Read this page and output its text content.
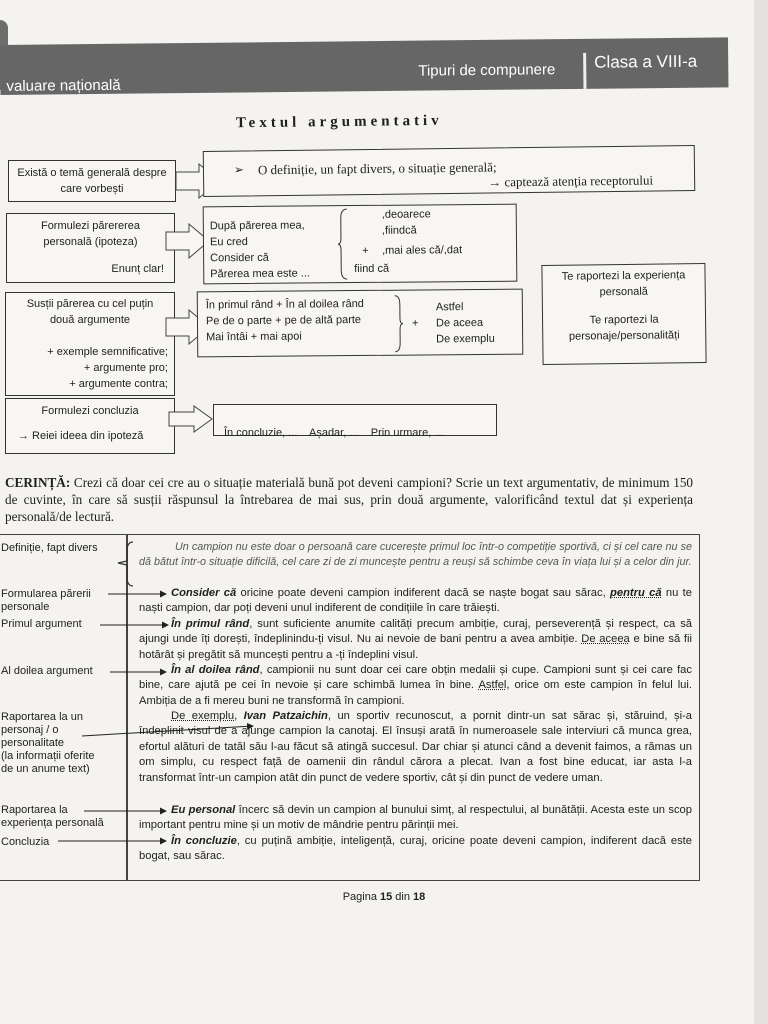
valuare națională
Tipuri de compunere Clasa a VIII-a
Textul argumentativ
Există o temă generală despre care vorbești
➢ O definiție, un fapt divers, o situație generală;
→ captează atenția receptorului
Formulezi părererea
personală (ipoteza)
Enunț clar!
După părerea mea,
Eu cred
Consider că
Părerea mea este ...
+
,deoarece
,fiindcă
,mai ales că/,dat
fiind că
Te raportezi la experiența
personală
Te raportezi la
personaje/personalități
Susții părerea cu cel puțin
două argumente
+ exemple semnificative;
+ argumente pro;
+ argumente contra;
În primul rând + În al doilea rând
Pe de o parte + pe de altă parte
Mai întâi + mai apoi
+
Astfel
De aceea
De exemplu
Formulezi concluzia
→ Reiei ideea din ipoteză	În concluzie, ...    Așadar, ...    Prin urmare, ...

CERINȚĂ: Crezi că doar cei cre au o situație materială bună pot deveni campioni? Scrie un text argumentativ, de minimum 150 de cuvinte, în care să susții răspunsul la întrebarea de mai sus, prin două argumente, valorificând textul dat și experiența personală/de lectură.
Definiție, fapt divers
Formularea părerii
personale
Primul argument
Al doilea argument
Raportarea la un
personaj / o
personalitate
(la informații oferite
de un anume text)
Raportarea la
experiența personală
Concluzia
Un campion nu este doar o persoană care cucerește primul loc într-o competiție sportivă, ci și cel care nu se dă bătut într-o situație dificilă, cel care zi de zi muncește pentru a reuși să schimbe ceva în viața lui și a celor din jur.
Consider că oricine poate deveni campion indiferent dacă se naște bogat sau sărac, pentru că nu te naști campion, dar poți deveni unul indiferent de condițiile în care trăiești.
În primul rând, sunt suficiente anumite calități precum ambiție, curaj, perseverență și respect, ca să ajungi unde îți dorești, îndeplinindu-ți visul. Nu ai nevoie de bani pentru a avea ambiție. De aceea e bine să fii hotărât și pregătit să muncești pentru a -ți îndeplini visul.
În al doilea rând, campionii nu sunt doar cei care obțin medalii și cupe. Campioni sunt și cei care fac bine, care ajută pe cei în nevoie și care schimbă lumea în bine. Astfel, orice om este campion în felul lui. Ambiția de a fi mereu buni ne transformă în campioni.
De exemplu, Ivan Patzaichin, un sportiv recunoscut, a pornit dintr-un sat sărac și, stăruind, și-a îndeplinit visul de a ajunge campion la canotaj. El însuși arată în numeroasele sale interviuri că munca grea, efortul alături de tatăl său l-au făcut să atingă succesul. Dar chiar și atunci când a devenit faimos, a rămas un om simplu, cu respect față de oamenii din rândul cărora a plecat. Ivan a fost bine educat, iar asta l-a transformat într-un campion atât din punct de vedere sportiv, cât și din punct de vedere uman.
Eu personal încerc să devin un campion al bunului simț, al respectului, al bunătății. Acesta este un scop important pentru mine și un motiv de mândrie pentru părinții mei.
În concluzie, cu puțină ambiție, inteligență, curaj, oricine poate deveni campion, indiferent dacă este bogat, sau sărac.
Pagina 15 din 18
